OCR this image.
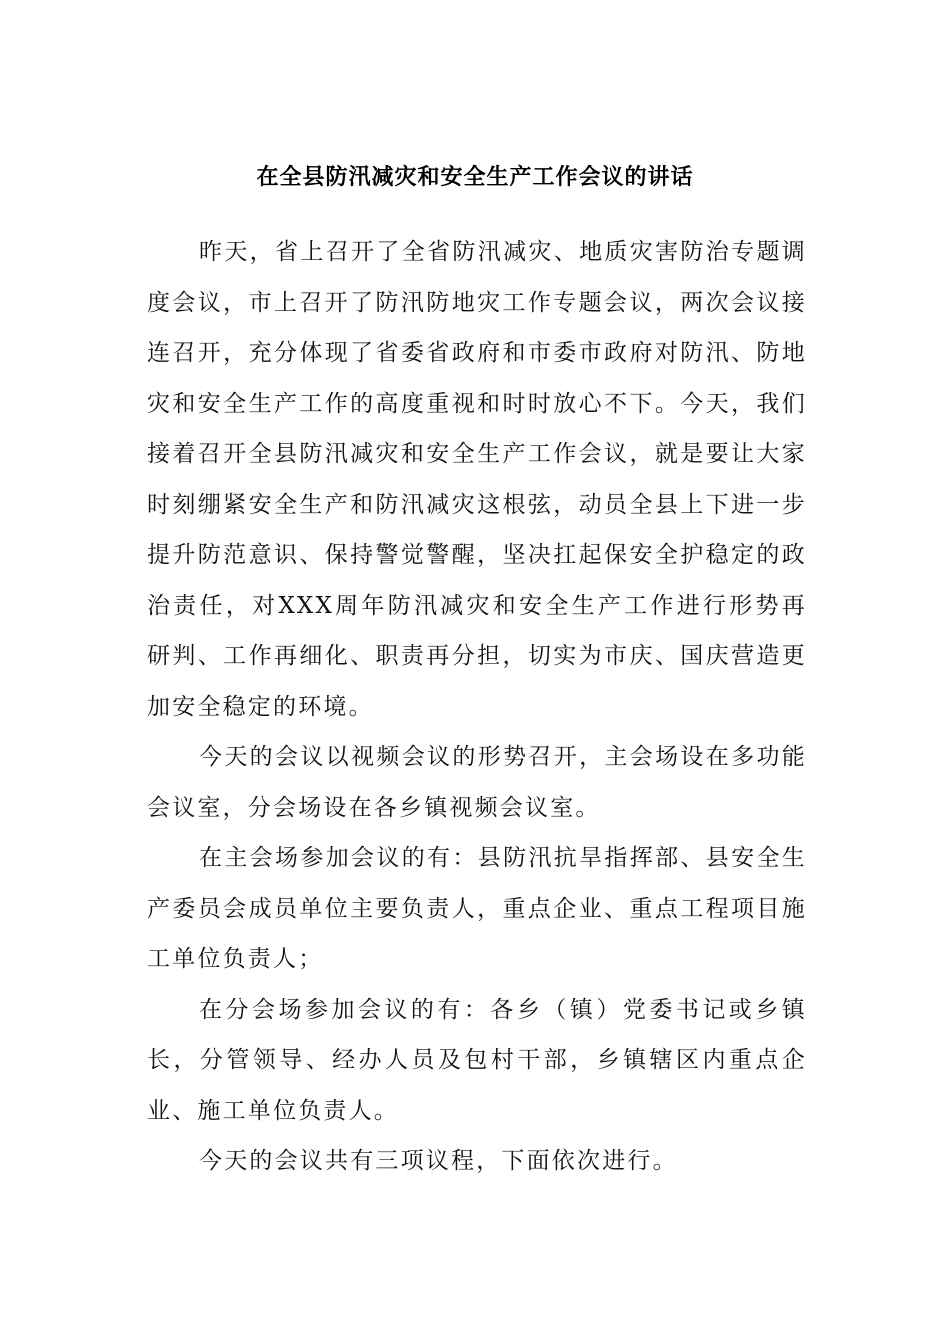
在全县防汛减灾和安全生产工作会议的讲话

昨天，省上召开了全省防汛减灾、地质灾害防治专题调度会议，市上召开了防汛防地灾工作专题会议，两次会议接连召开，充分体现了省委省政府和市委市政府对防汛、防地灾和安全生产工作的高度重视和时时放心不下。今天，我们接着召开全县防汛减灾和安全生产工作会议，就是要让大家时刻绷紧安全生产和防汛减灾这根弦，动员全县上下进一步提升防范意识、保持警觉警醒，坚决扛起保安全护稳定的政治责任，对XXX周年防汛减灾和安全生产工作进行形势再研判、工作再细化、职责再分担，切实为市庆、国庆营造更加安全稳定的环境。

今天的会议以视频会议的形势召开，主会场设在多功能会议室，分会场设在各乡镇视频会议室。

在主会场参加会议的有：县防汛抗旱指挥部、县安全生产委员会成员单位主要负责人，重点企业、重点工程项目施工单位负责人；

在分会场参加会议的有：各乡（镇）党委书记或乡镇长，分管领导、经办人员及包村干部，乡镇辖区内重点企业、施工单位负责人。

今天的会议共有三项议程，下面依次进行。
